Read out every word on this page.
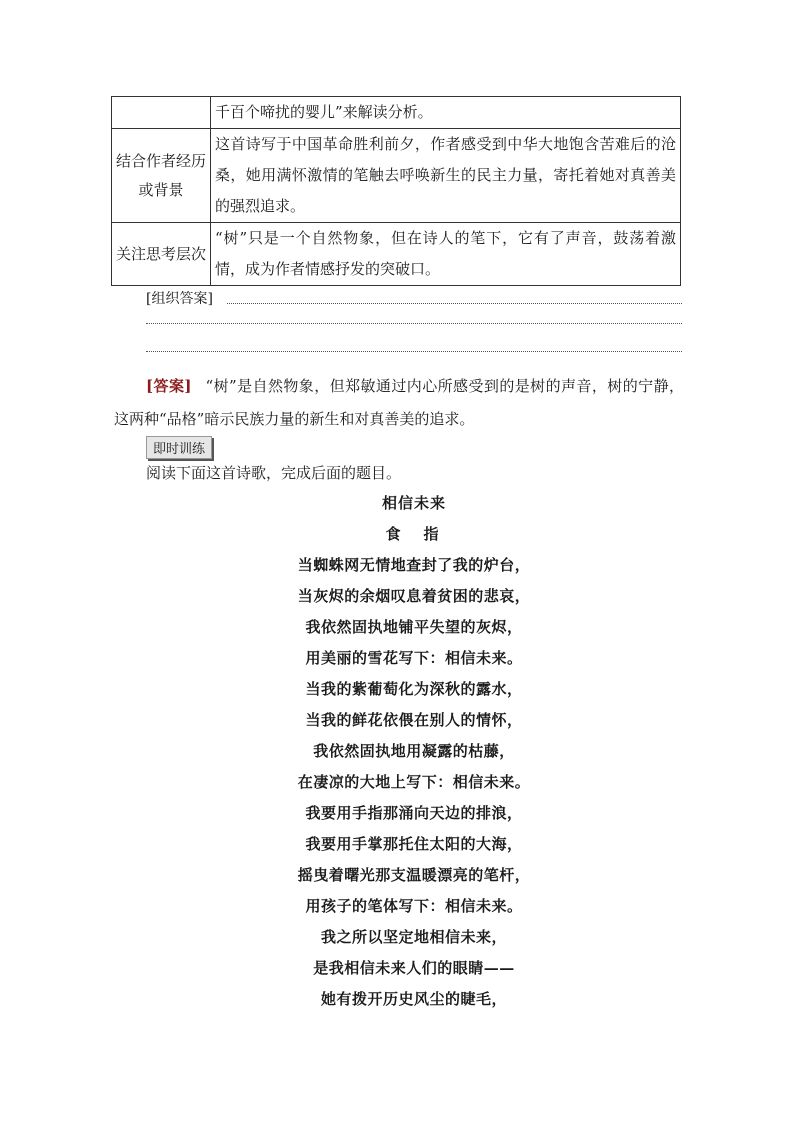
	千百个啼扰的婴儿”来解读分析。
结合作者经历或背景	这首诗写于中国革命胜利前夕，作者感受到中华大地饱含苦难后的沧桑，她用满怀激情的笔触去呼唤新生的民主力量，寄托着她对真善美的强烈追求。
关注思考层次	“树”只是一个自然物象，但在诗人的笔下，它有了声音，鼓荡着激情，成为作者情感抒发的突破口。
[组织答案]
[答案] “树”是自然物象，但郑敏通过内心所感受到的是树的声音，树的宁静，这两种“品格”暗示民族力量的新生和对真善美的追求。
即时训练
阅读下面这首诗歌，完成后面的题目。
相信未来
食　指
当蜘蛛网无情地查封了我的炉台，
当灰烬的余烟叹息着贫困的悲哀，
我依然固执地铺平失望的灰烬，
用美丽的雪花写下：相信未来。
当我的紫葡萄化为深秋的露水，
当我的鲜花依偎在别人的情怀，
我依然固执地用凝露的枯藤，
在凄凉的大地上写下：相信未来。
我要用手指那涌向天边的排浪，
我要用手掌那托住太阳的大海，
摇曳着曙光那支温暖漂亮的笔杆，
用孩子的笔体写下：相信未来。
我之所以坚定地相信未来，
是我相信未来人们的眼睛——
她有拨开历史风尘的睫毛，
